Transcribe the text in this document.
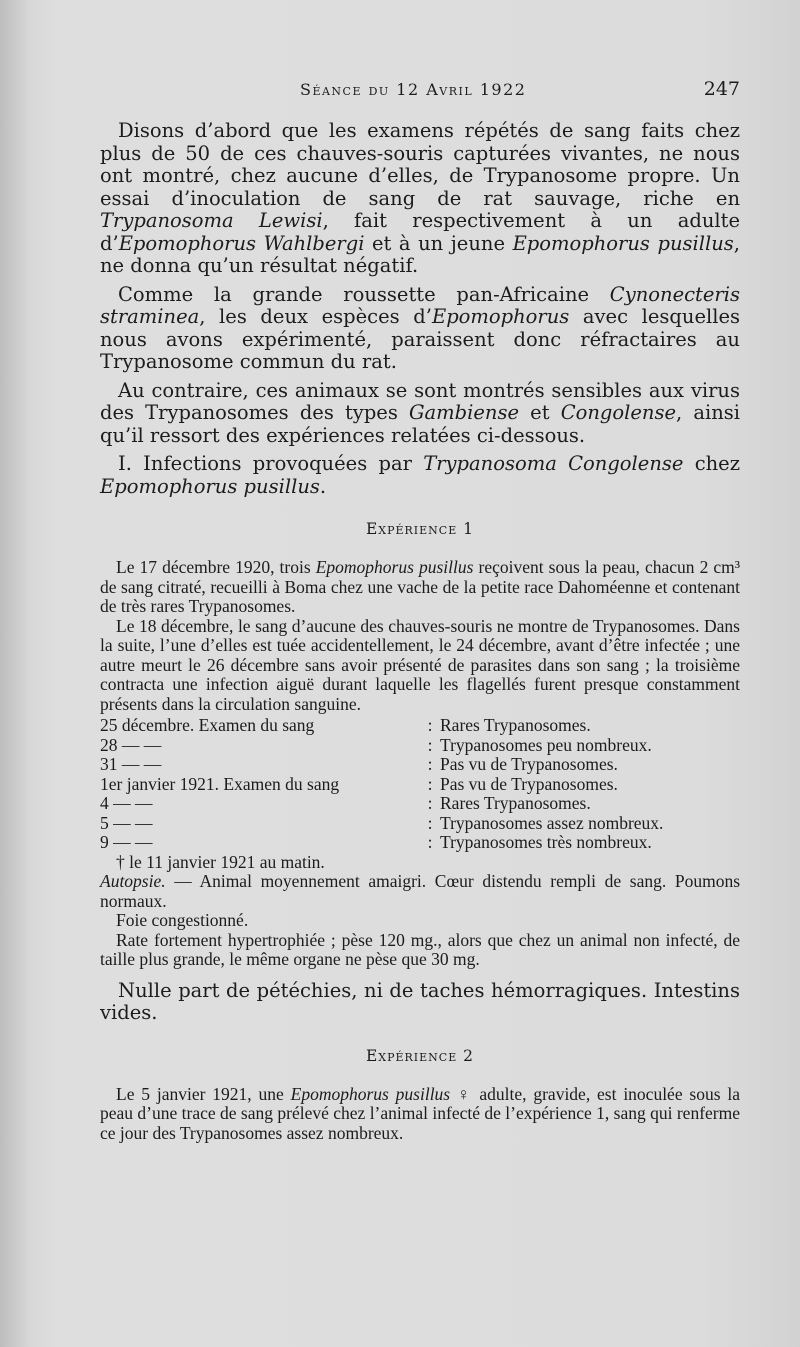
Séance du 12 Avril 1922	247

Disons d’abord que les examens répétés de sang faits chez plus de 50 de ces chauves-souris capturées vivantes, ne nous ont montré, chez aucune d’elles, de Trypanosome propre. Un essai d’inoculation de sang de rat sauvage, riche en Trypanosoma Lewisi, fait respectivement à un adulte d’Epomophorus Wahlbergi et à un jeune Epomophorus pusillus, ne donna qu’un résultat négatif.

Comme la grande roussette pan-Africaine Cynonecteris straminea, les deux espèces d’Epomophorus avec lesquelles nous avons expérimenté, paraissent donc réfractaires au Trypanosome commun du rat.

Au contraire, ces animaux se sont montrés sensibles aux virus des Trypanosomes des types Gambiense et Congolense, ainsi qu’il ressort des expériences relatées ci-dessous.

I. Infections provoquées par Trypanosoma Congolense chez Epomophorus pusillus.

Expérience 1

Le 17 décembre 1920, trois Epomophorus pusillus reçoivent sous la peau, chacun 2 cm³ de sang citraté, recueilli à Boma chez une vache de la petite race Dahoméenne et contenant de très rares Trypanosomes.

Le 18 décembre, le sang d’aucune des chauves-souris ne montre de Trypanosomes. Dans la suite, l’une d’elles est tuée accidentellement, le 24 décembre, avant d’être infectée ; une autre meurt le 26 décembre sans avoir présenté de parasites dans son sang ; la troisième contracta une infection aiguë durant laquelle les flagellés furent presque constamment présents dans la circulation sanguine.

25 décembre. Examen du sang	: Rares Trypanosomes.
28 — —	: Trypanosomes peu nombreux.
31 — —	: Pas vu de Trypanosomes.
1er janvier 1921. Examen du sang	: Pas vu de Trypanosomes.
4 — —	: Rares Trypanosomes.
5 — —	: Trypanosomes assez nombreux.
9 — —	: Trypanosomes très nombreux.

† le 11 janvier 1921 au matin.

Autopsie. — Animal moyennement amaigri. Cœur distendu rempli de sang. Poumons normaux.

Foie congestionné.

Rate fortement hypertrophiée ; pèse 120 mg., alors que chez un animal non infecté, de taille plus grande, le même organe ne pèse que 30 mg.

Nulle part de pétéchies, ni de taches hémorragiques. Intestins vides.

Expérience 2

Le 5 janvier 1921, une Epomophorus pusillus ♀ adulte, gravide, est inoculée sous la peau d’une trace de sang prélevé chez l’animal infecté de l’expérience 1, sang qui renferme ce jour des Trypanosomes assez nombreux.
